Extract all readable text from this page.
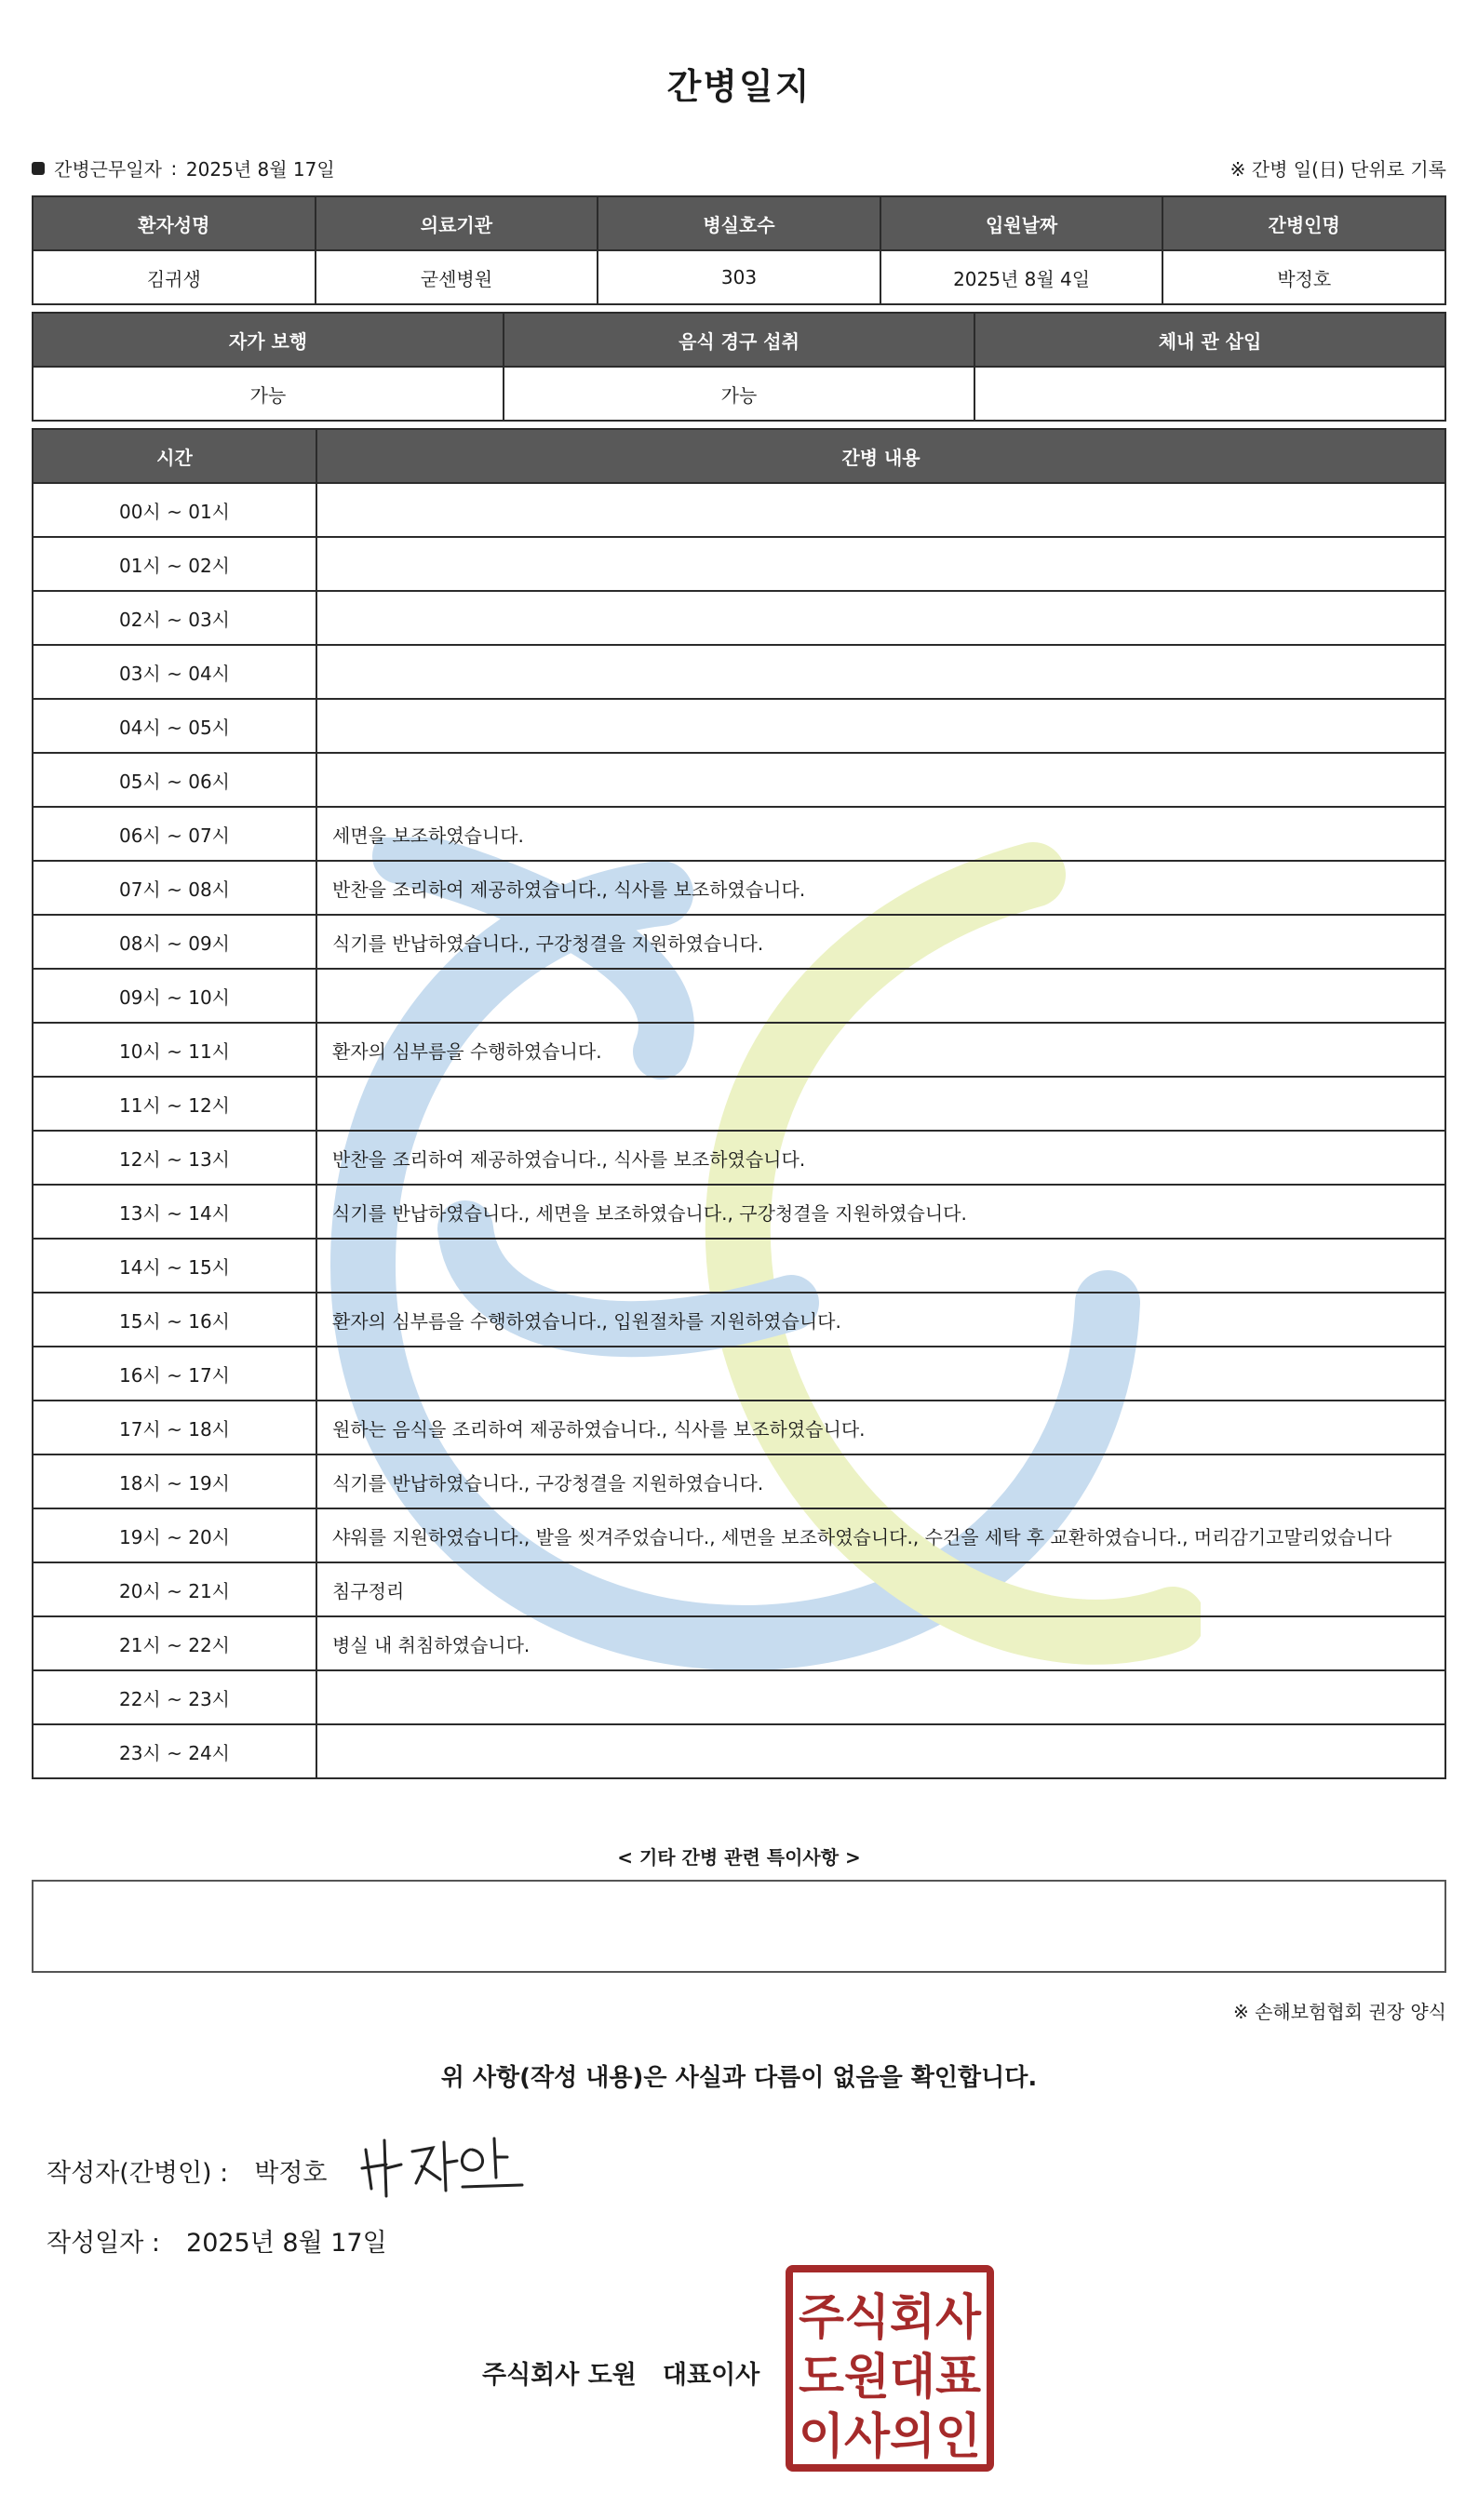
간병일지
간병근무일자 : 2025년 8월 17일	※ 간병 일(日) 단위로 기록
환자성명	의료기관	병실호수	입원날짜	간병인명
김귀생	굳센병원	303	2025년 8월 4일	박정호
자가 보행	음식 경구 섭취	체내 관 삽입
가능	가능	
시간	간병 내용
00시 ~ 01시	
01시 ~ 02시	
02시 ~ 03시	
03시 ~ 04시	
04시 ~ 05시	
05시 ~ 06시	
06시 ~ 07시	세면을 보조하였습니다.
07시 ~ 08시	반찬을 조리하여 제공하였습니다., 식사를 보조하였습니다.
08시 ~ 09시	식기를 반납하였습니다., 구강청결을 지원하였습니다.
09시 ~ 10시	
10시 ~ 11시	환자의 심부름을 수행하였습니다.
11시 ~ 12시	
12시 ~ 13시	반찬을 조리하여 제공하였습니다., 식사를 보조하였습니다.
13시 ~ 14시	식기를 반납하였습니다., 세면을 보조하였습니다., 구강청결을 지원하였습니다.
14시 ~ 15시	
15시 ~ 16시	환자의 심부름을 수행하였습니다., 입원절차를 지원하였습니다.
16시 ~ 17시	
17시 ~ 18시	원하는 음식을 조리하여 제공하였습니다., 식사를 보조하였습니다.
18시 ~ 19시	식기를 반납하였습니다., 구강청결을 지원하였습니다.
19시 ~ 20시	샤워를 지원하였습니다., 발을 씻겨주었습니다., 세면을 보조하였습니다., 수건을 세탁 후 교환하였습니다., 머리감기고말리었습니다
20시 ~ 21시	침구정리
21시 ~ 22시	병실 내 취침하였습니다.
22시 ~ 23시	
23시 ~ 24시	
< 기타 간병 관련 특이사항 >
※ 손해보험협회 권장 양식
위 사항(작성 내용)은 사실과 다름이 없음을 확인합니다.
작성자(간병인) : 박정호
작성일자 : 2025년 8월 17일
주식회사 도원 대표이사
주식회사
도원대표
이사의인
